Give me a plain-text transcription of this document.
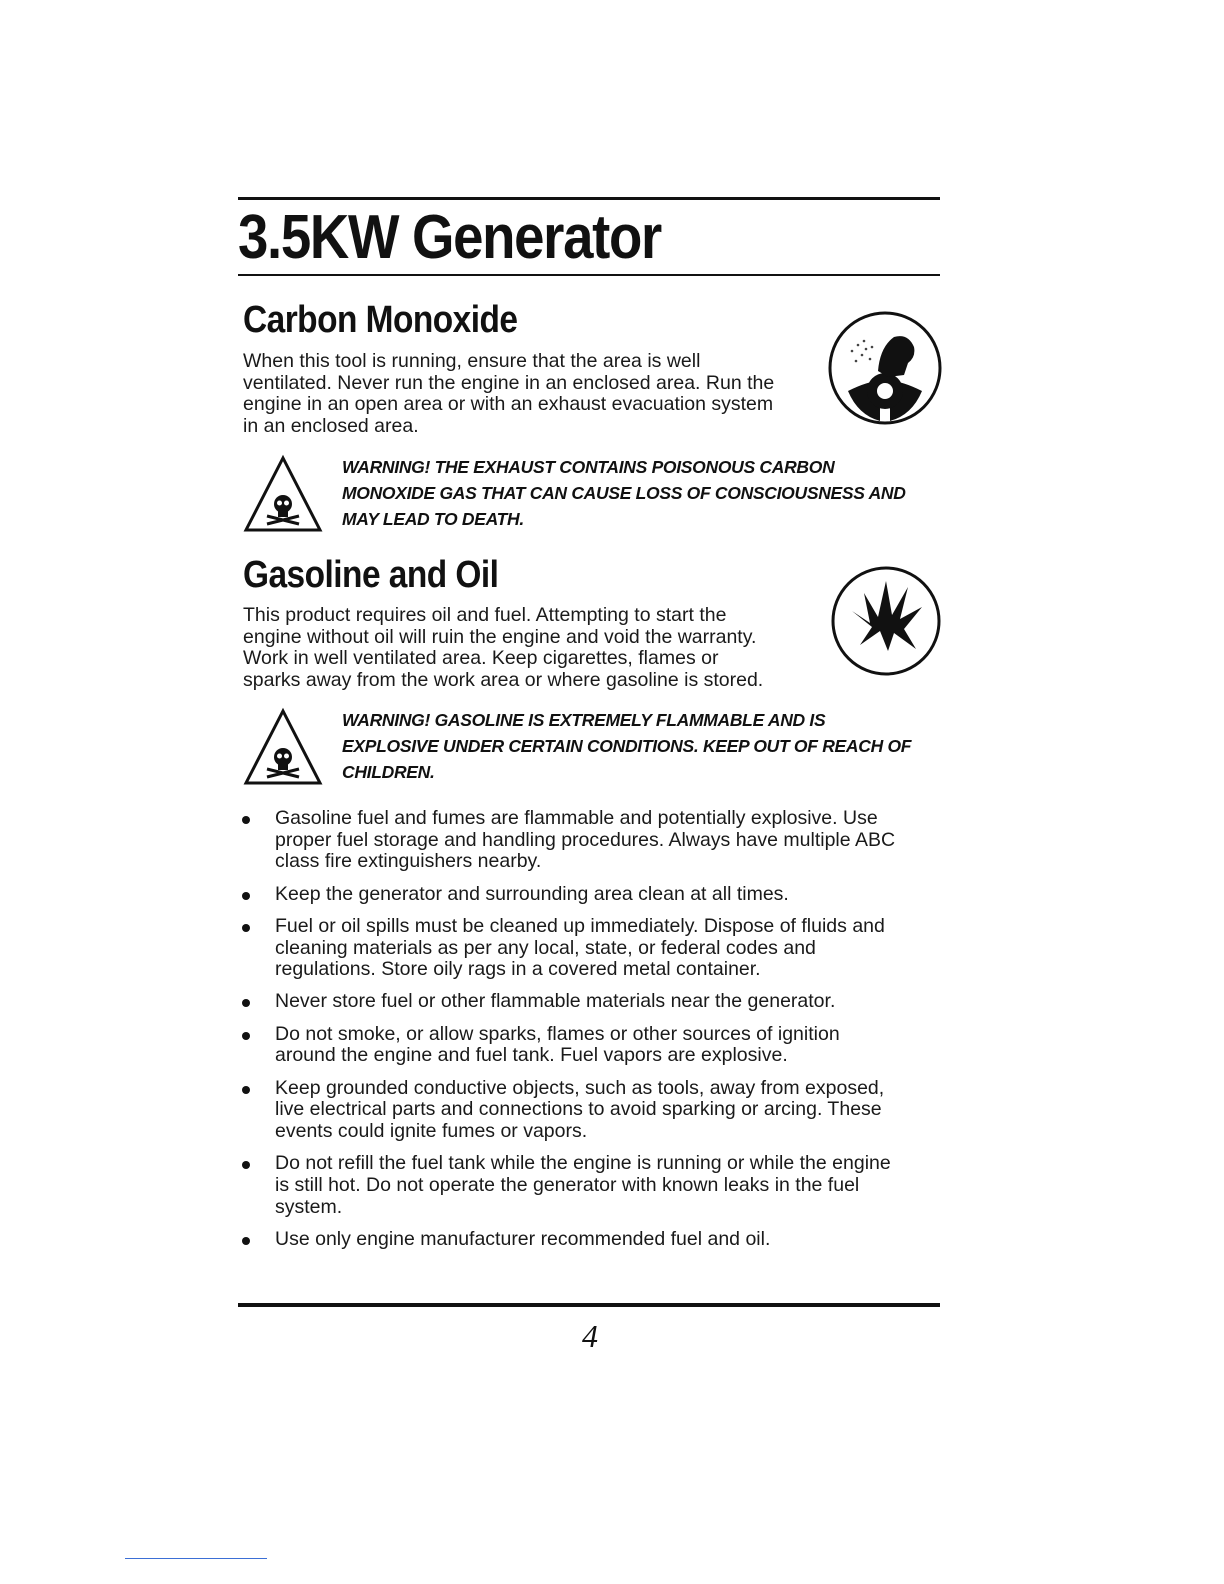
3.5KW Generator
Carbon Monoxide

When this tool is running, ensure that the area is well
ventilated. Never run the engine in an enclosed area. Run the
engine in an open area or with an exhaust evacuation system
in an enclosed area.

WARNING! THE EXHAUST CONTAINS POISONOUS CARBON
MONOXIDE GAS THAT CAN CAUSE LOSS OF CONSCIOUSNESS AND
MAY LEAD TO DEATH.

Gasoline and Oil

This product requires oil and fuel. Attempting to start the
engine without oil will ruin the engine and void the warranty.
Work in well ventilated area. Keep cigarettes, flames or
sparks away from the work area or where gasoline is stored.

WARNING! GASOLINE IS EXTREMELY FLAMMABLE AND IS
EXPLOSIVE UNDER CERTAIN CONDITIONS. KEEP OUT OF REACH OF
CHILDREN.

Gasoline fuel and fumes are flammable and potentially explosive. Use
proper fuel storage and handling procedures. Always have multiple ABC
class fire extinguishers nearby.
Keep the generator and surrounding area clean at all times.
Fuel or oil spills must be cleaned up immediately. Dispose of fluids and
cleaning materials as per any local, state, or federal codes and
regulations. Store oily rags in a covered metal container.
Never store fuel or other flammable materials near the generator.
Do not smoke, or allow sparks, flames or other sources of ignition
around the engine and fuel tank. Fuel vapors are explosive.
Keep grounded conductive objects, such as tools, away from exposed,
live electrical parts and connections to avoid sparking or arcing. These
events could ignite fumes or vapors.
Do not refill the fuel tank while the engine is running or while the engine
is still hot. Do not operate the generator with known leaks in the fuel
system.
Use only engine manufacturer recommended fuel and oil.
4
